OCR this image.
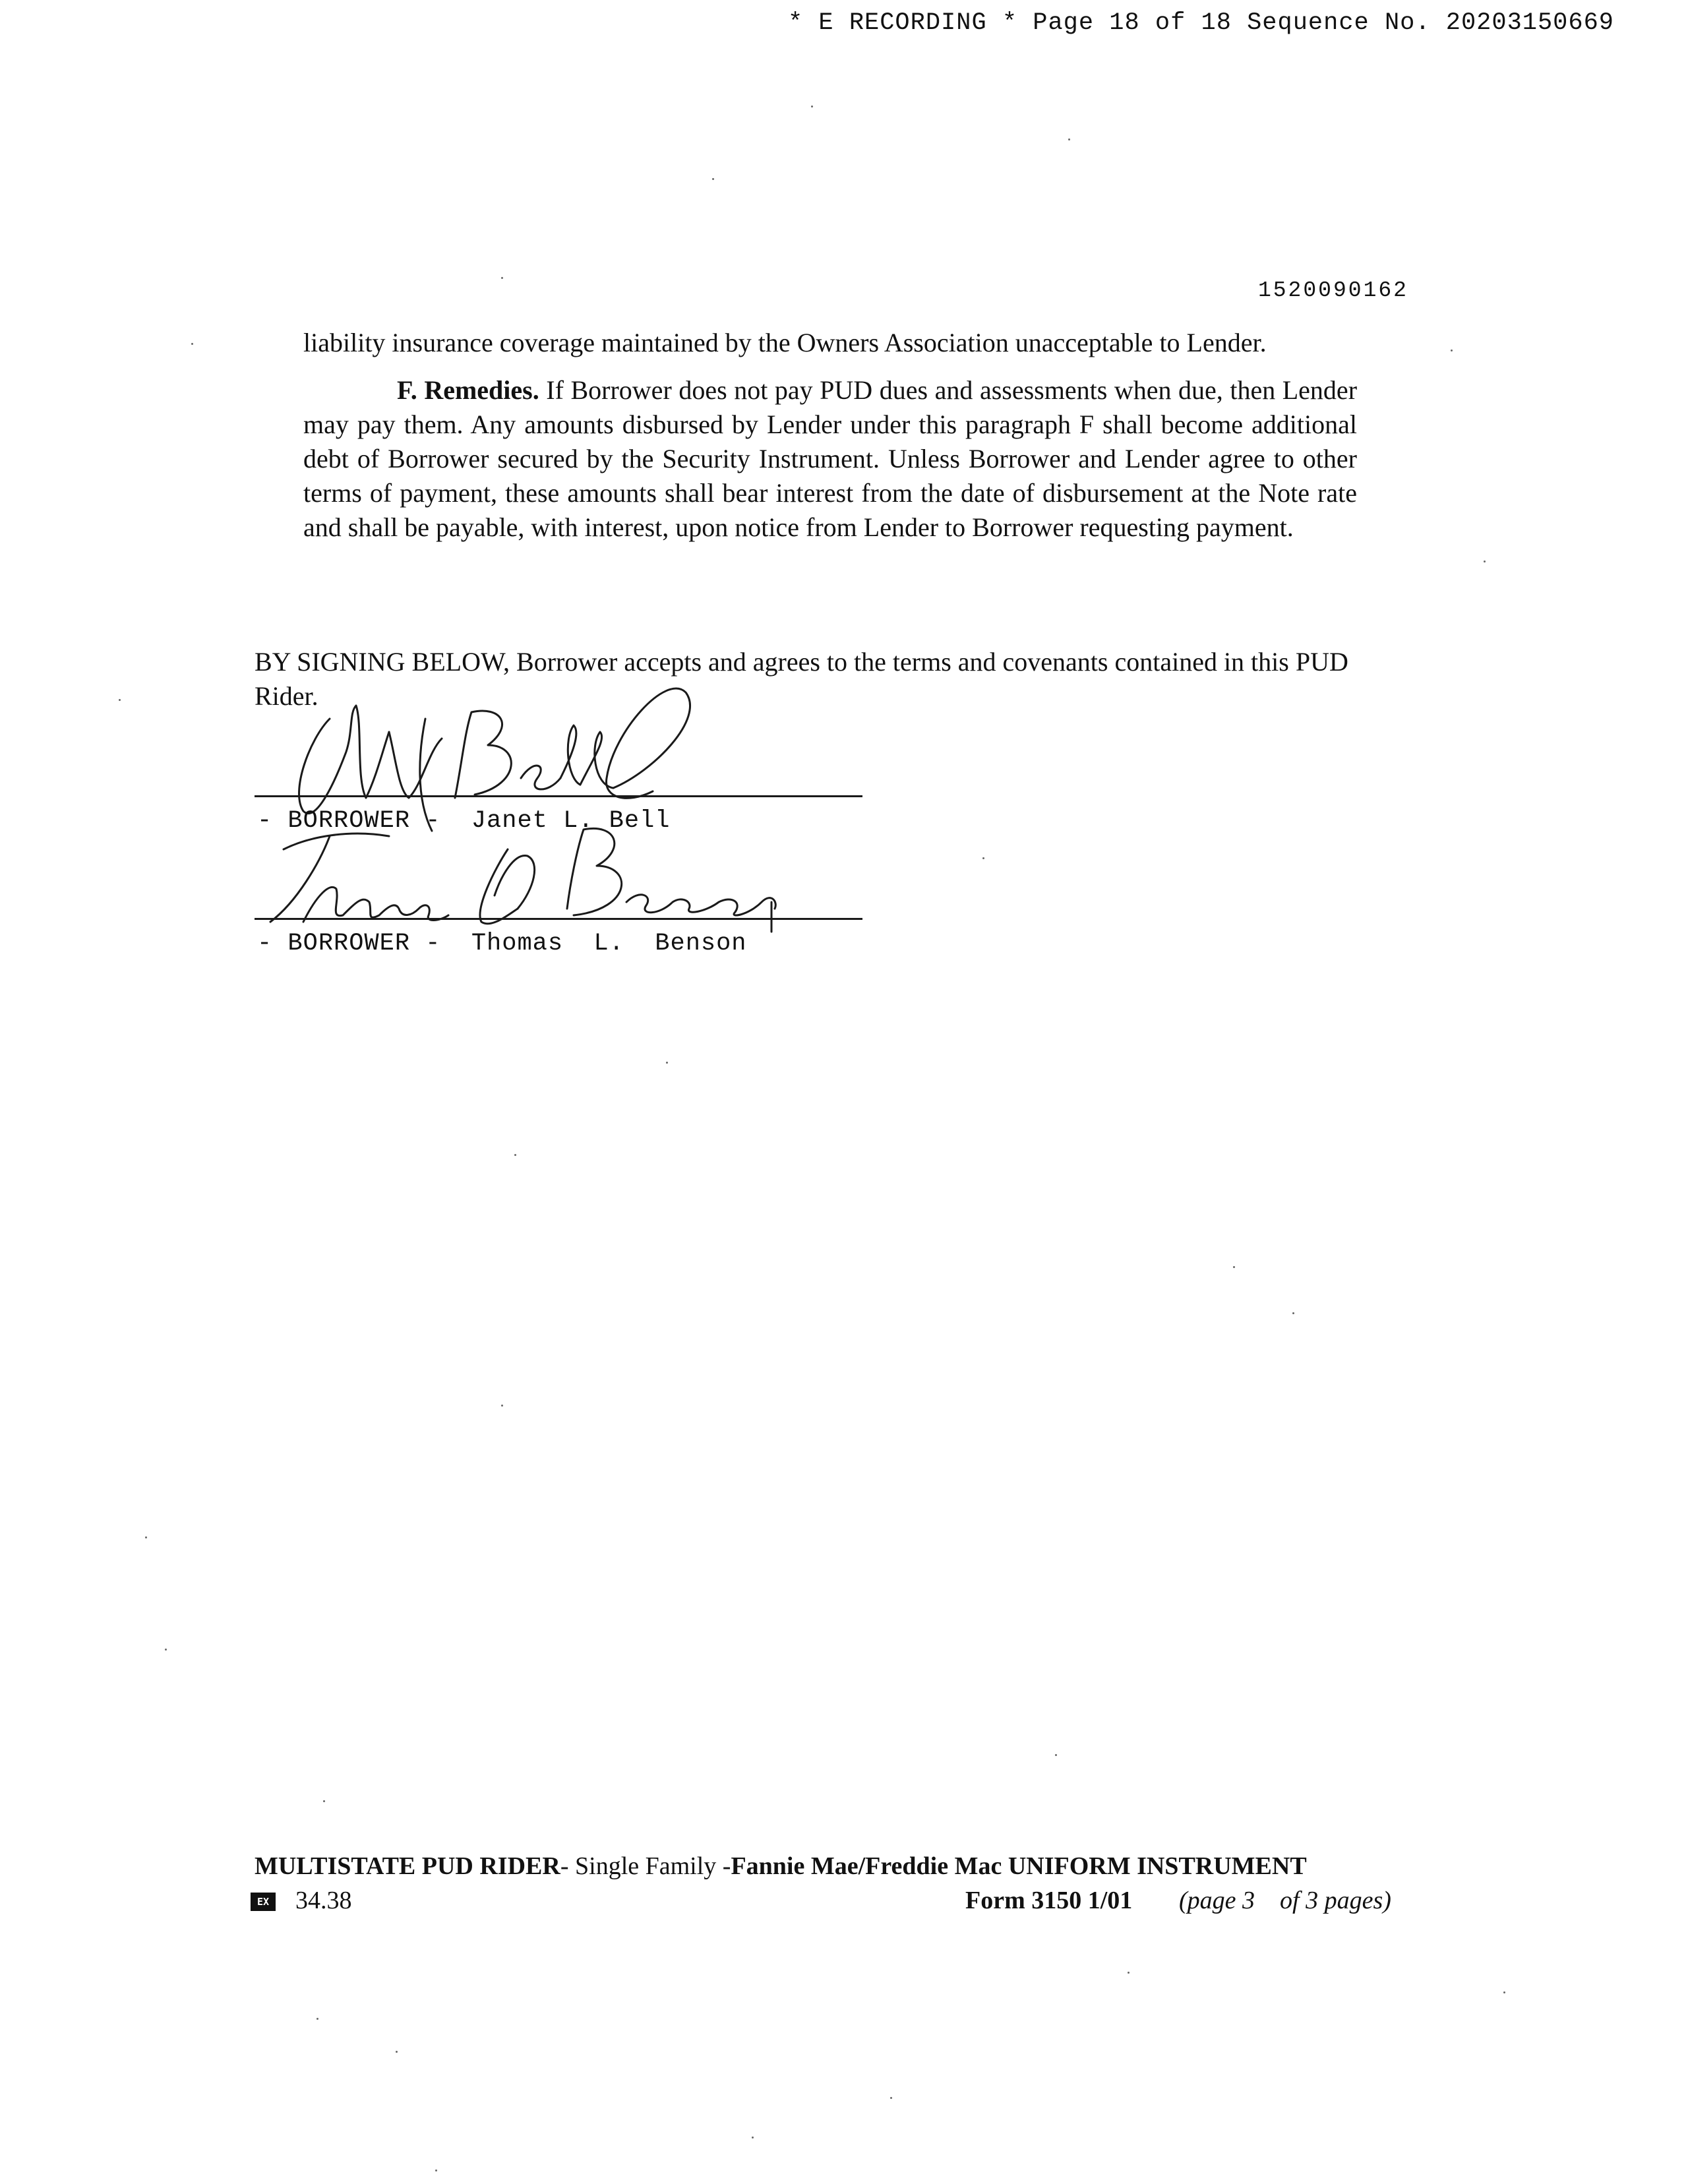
* E RECORDING * Page 18 of 18 Sequence No. 20203150669
1520090162
liability insurance coverage maintained by the Owners Association unacceptable to Lender.
F. Remedies. If Borrower does not pay PUD dues and assessments when due, then Lender may pay them. Any amounts disbursed by Lender under this paragraph F shall become additional debt of Borrower secured by the Security Instrument. Unless Borrower and Lender agree to other terms of payment, these amounts shall bear interest from the date of disbursement at the Note rate and shall be payable, with interest, upon notice from Lender to Borrower requesting payment.
BY SIGNING BELOW, Borrower accepts and agrees to the terms and covenants contained in this PUD Rider.
- BORROWER -  Janet L. Bell
- BORROWER -  Thomas  L.  Benson
MULTISTATE PUD RIDER- Single Family -Fannie Mae/Freddie Mac UNIFORM INSTRUMENT
EX 34.38	Form 3150 1/01 (page 3    of 3 pages)
